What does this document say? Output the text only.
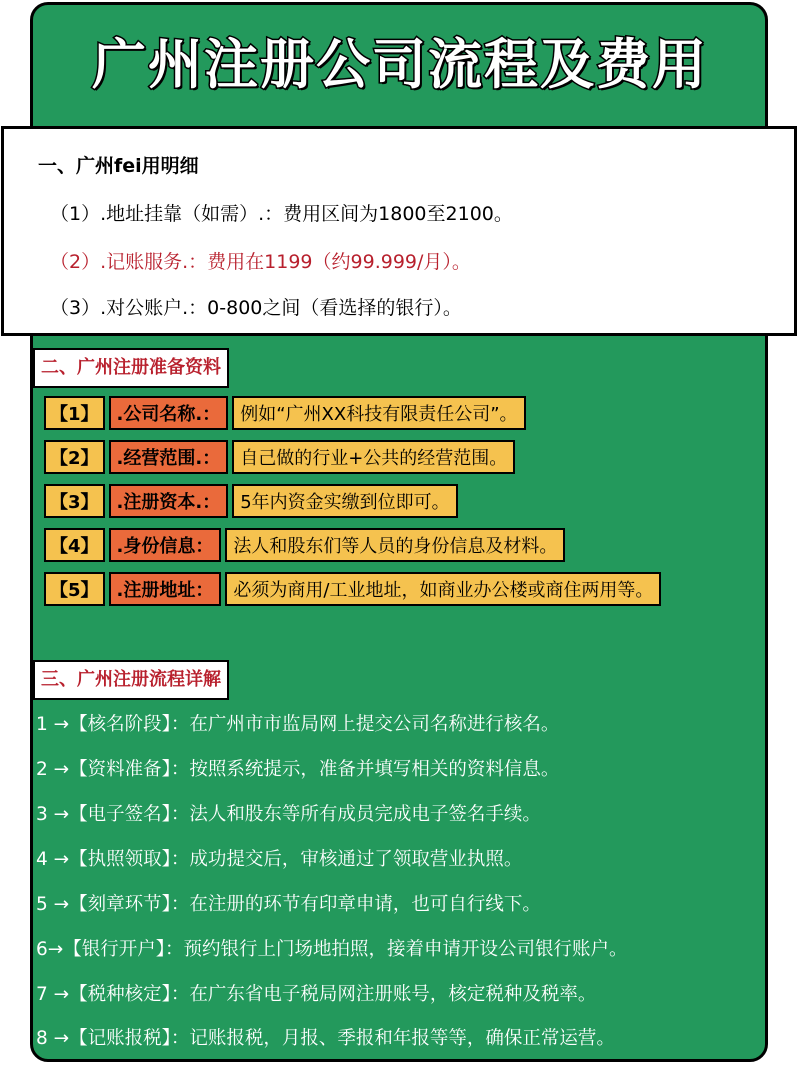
广州注册公司流程及费用
一、广州fei用明细
（1）.地址挂靠（如需）.：费用区间为1800至2100。
（2）.记账服务.：费用在1199（约99.999/月）。
（3）.对公账户.：0-800之间（看选择的银行）。
二、广州注册准备资料
【1】	.公司名称.：	例如“广州XX科技有限责任公司”。
【2】	.经营范围.：	自己做的行业+公共的经营范围。
【3】	.注册资本.：	5年内资金实缴到位即可。
【4】	.身份信息：	法人和股东们等人员的身份信息及材料。
【5】	.注册地址：	必须为商用/工业地址，如商业办公楼或商住两用等。
三、广州注册流程详解
1 →【核名阶段】：在广州市市监局网上提交公司名称进行核名。
2 →【资料准备】：按照系统提示，准备并填写相关的资料信息。
3 →【电子签名】：法人和股东等所有成员完成电子签名手续。
4 →【执照领取】：成功提交后，审核通过了领取营业执照。
5 →【刻章环节】：在注册的环节有印章申请，也可自行线下。
6→【银行开户】：预约银行上门场地拍照，接着申请开设公司银行账户。
7 →【税种核定】：在广东省电子税局网注册账号，核定税种及税率。
8 →【记账报税】：记账报税，月报、季报和年报等等，确保正常运营。
